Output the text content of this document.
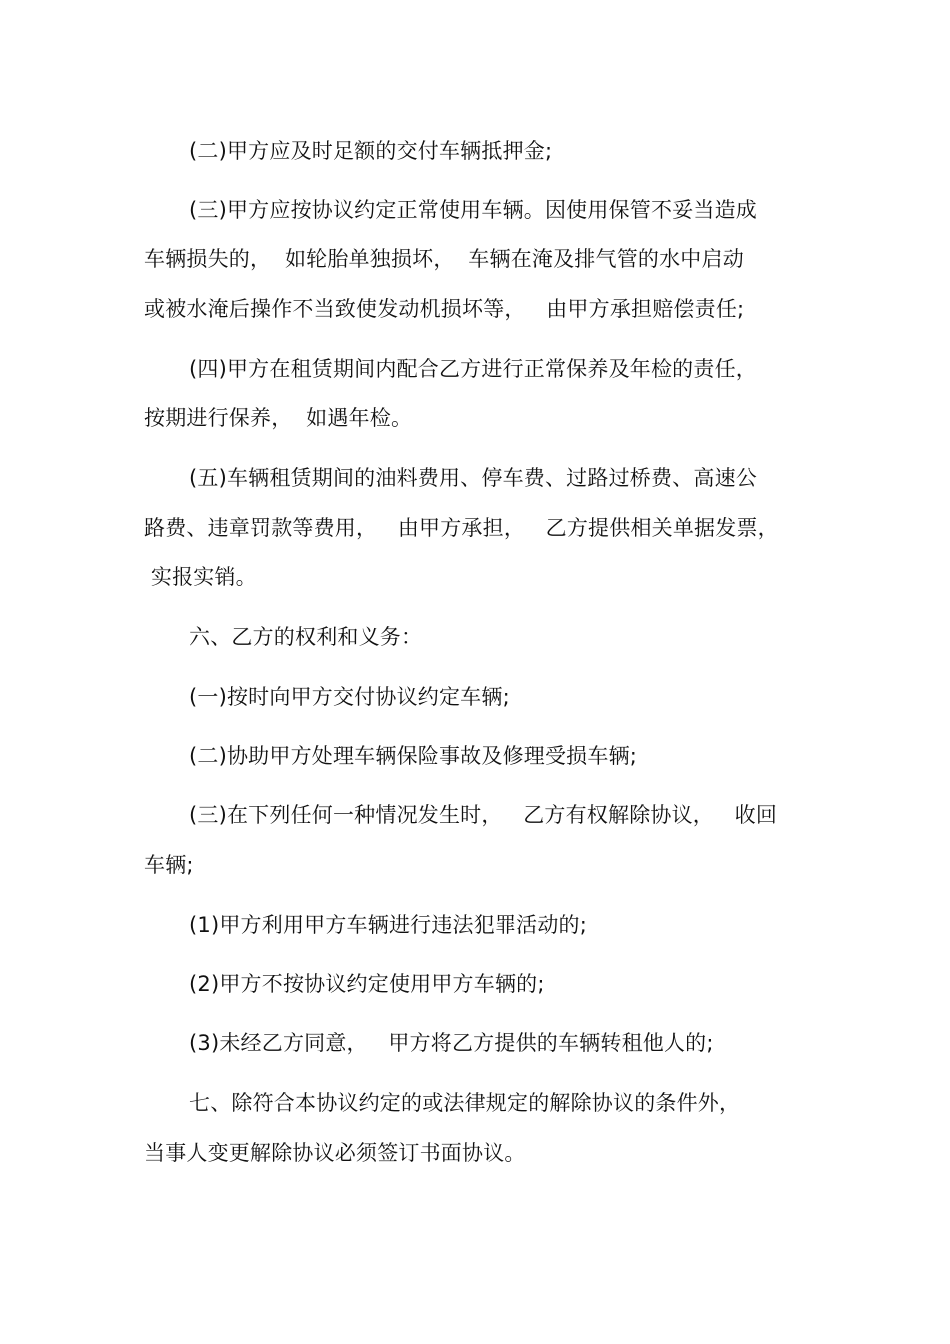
(二)甲方应及时足额的交付车辆抵押金;
(三)甲方应按协议约定正常使用车辆。因使用保管不妥当造成
车辆损失的，  如轮胎单独损坏，  车辆在淹及排气管的水中启动
或被水淹后操作不当致使发动机损坏等，   由甲方承担赔偿责任;
(四)甲方在租赁期间内配合乙方进行正常保养及年检的责任，
按期进行保养，  如遇年检。
(五)车辆租赁期间的油料费用、停车费、过路过桥费、高速公
路费、违章罚款等费用，   由甲方承担，   乙方提供相关单据发票，
实报实销。
六、乙方的权利和义务：
(一)按时向甲方交付协议约定车辆;
(二)协助甲方处理车辆保险事故及修理受损车辆;
(三)在下列任何一种情况发生时，   乙方有权解除协议，   收回
车辆;
(1)甲方利用甲方车辆进行违法犯罪活动的;
(2)甲方不按协议约定使用甲方车辆的;
(3)未经乙方同意，   甲方将乙方提供的车辆转租他人的;
七、除符合本协议约定的或法律规定的解除协议的条件外，
当事人变更解除协议必须签订书面协议。
